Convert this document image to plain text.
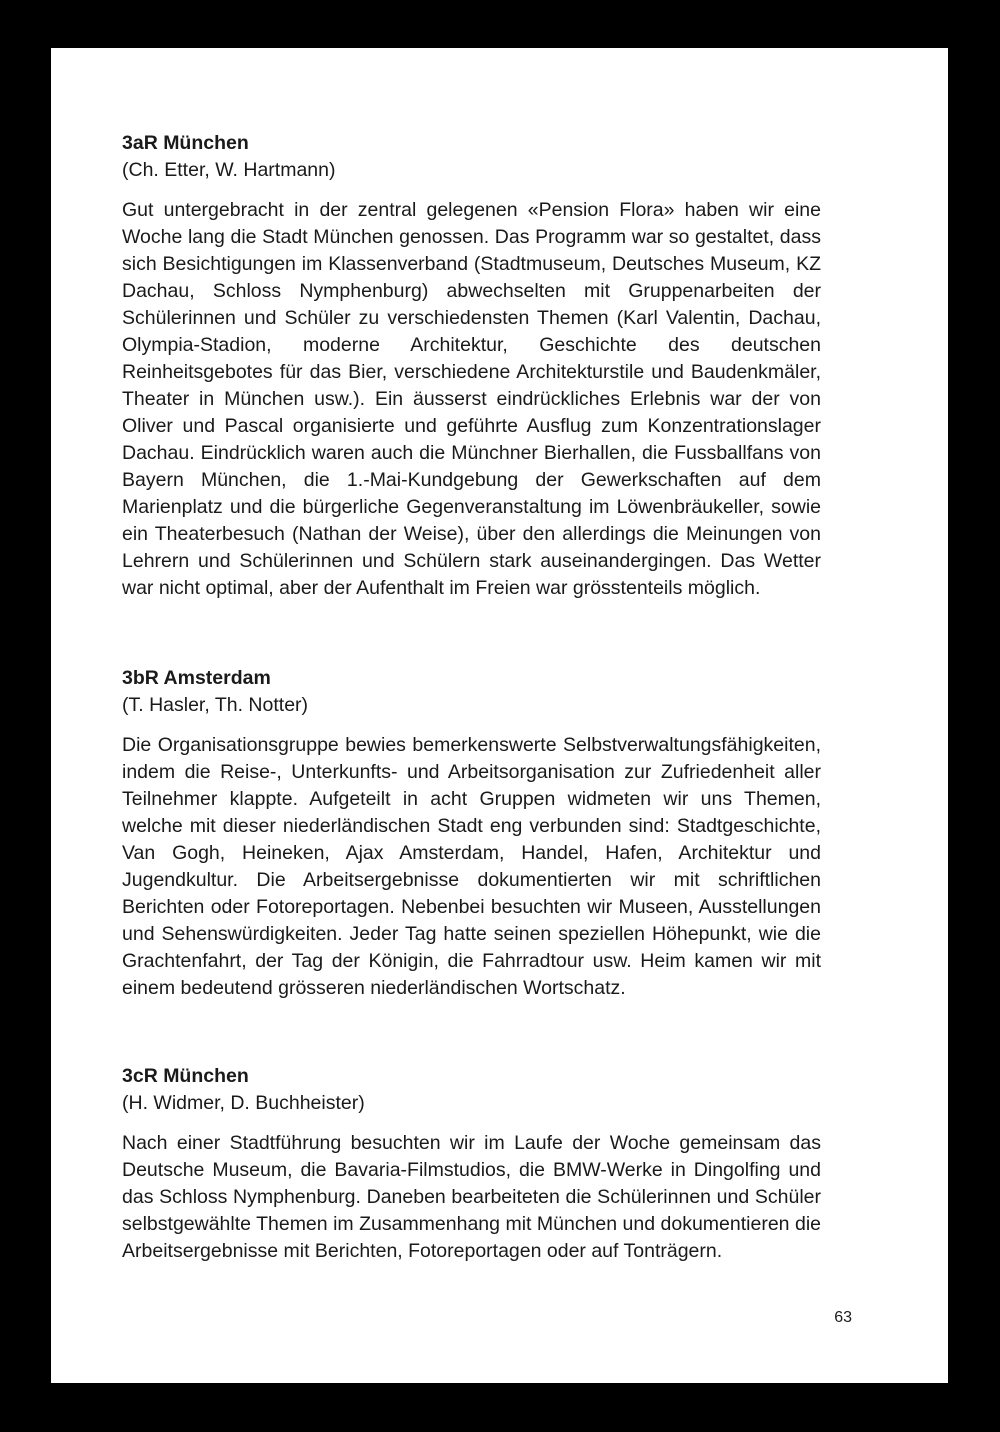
3aR München

(Ch. Etter, W. Hartmann)

Gut untergebracht in der zentral gelegenen «Pension Flora» haben wir eine Woche lang die Stadt München genossen. Das Programm war so gestaltet, dass sich Besichtigungen im Klassenverband (Stadtmuseum, Deutsches Museum, KZ Dachau, Schloss Nymphenburg) abwechselten mit Gruppenarbeiten der Schülerinnen und Schüler zu verschiedensten Themen (Karl Valentin, Dachau, Olympia-Stadion, moderne Architektur, Geschichte des deutschen Reinheitsgebotes für das Bier, verschiedene Architekturstile und Baudenkmäler, Theater in München usw.). Ein äusserst eindrückliches Erlebnis war der von Oliver und Pascal organisierte und geführte Ausflug zum Konzentrationslager Dachau. Eindrücklich waren auch die Münchner Bierhallen, die Fussballfans von Bayern München, die 1.-Mai-Kundgebung der Gewerkschaften auf dem Marienplatz und die bürgerliche Gegenveranstaltung im Löwenbräukeller, sowie ein Theaterbesuch (Nathan der Weise), über den allerdings die Meinungen von Lehrern und Schülerinnen und Schülern stark auseinandergingen. Das Wetter war nicht optimal, aber der Aufenthalt im Freien war grösstenteils möglich.

3bR Amsterdam

(T. Hasler, Th. Notter)

Die Organisationsgruppe bewies bemerkenswerte Selbstverwaltungsfähigkeiten, indem die Reise-, Unterkunfts- und Arbeitsorganisation zur Zufriedenheit aller Teilnehmer klappte. Aufgeteilt in acht Gruppen widmeten wir uns Themen, welche mit dieser niederländischen Stadt eng verbunden sind: Stadtgeschichte, Van Gogh, Heineken, Ajax Amsterdam, Handel, Hafen, Architektur und Jugendkultur. Die Arbeitsergebnisse dokumentierten wir mit schriftlichen Berichten oder Fotoreportagen. Nebenbei besuchten wir Museen, Ausstellungen und Sehenswürdigkeiten. Jeder Tag hatte seinen speziellen Höhepunkt, wie die Grachtenfahrt, der Tag der Königin, die Fahrradtour usw. Heim kamen wir mit einem bedeutend grösseren niederländischen Wortschatz.

3cR München

(H. Widmer, D. Buchheister)

Nach einer Stadtführung besuchten wir im Laufe der Woche gemeinsam das Deutsche Museum, die Bavaria-Filmstudios, die BMW-Werke in Dingolfing und das Schloss Nymphenburg. Daneben bearbeiteten die Schülerinnen und Schüler selbstgewählte Themen im Zusammenhang mit München und dokumentieren die Arbeitsergebnisse mit Berichten, Fotoreportagen oder auf Tonträgern.

63
